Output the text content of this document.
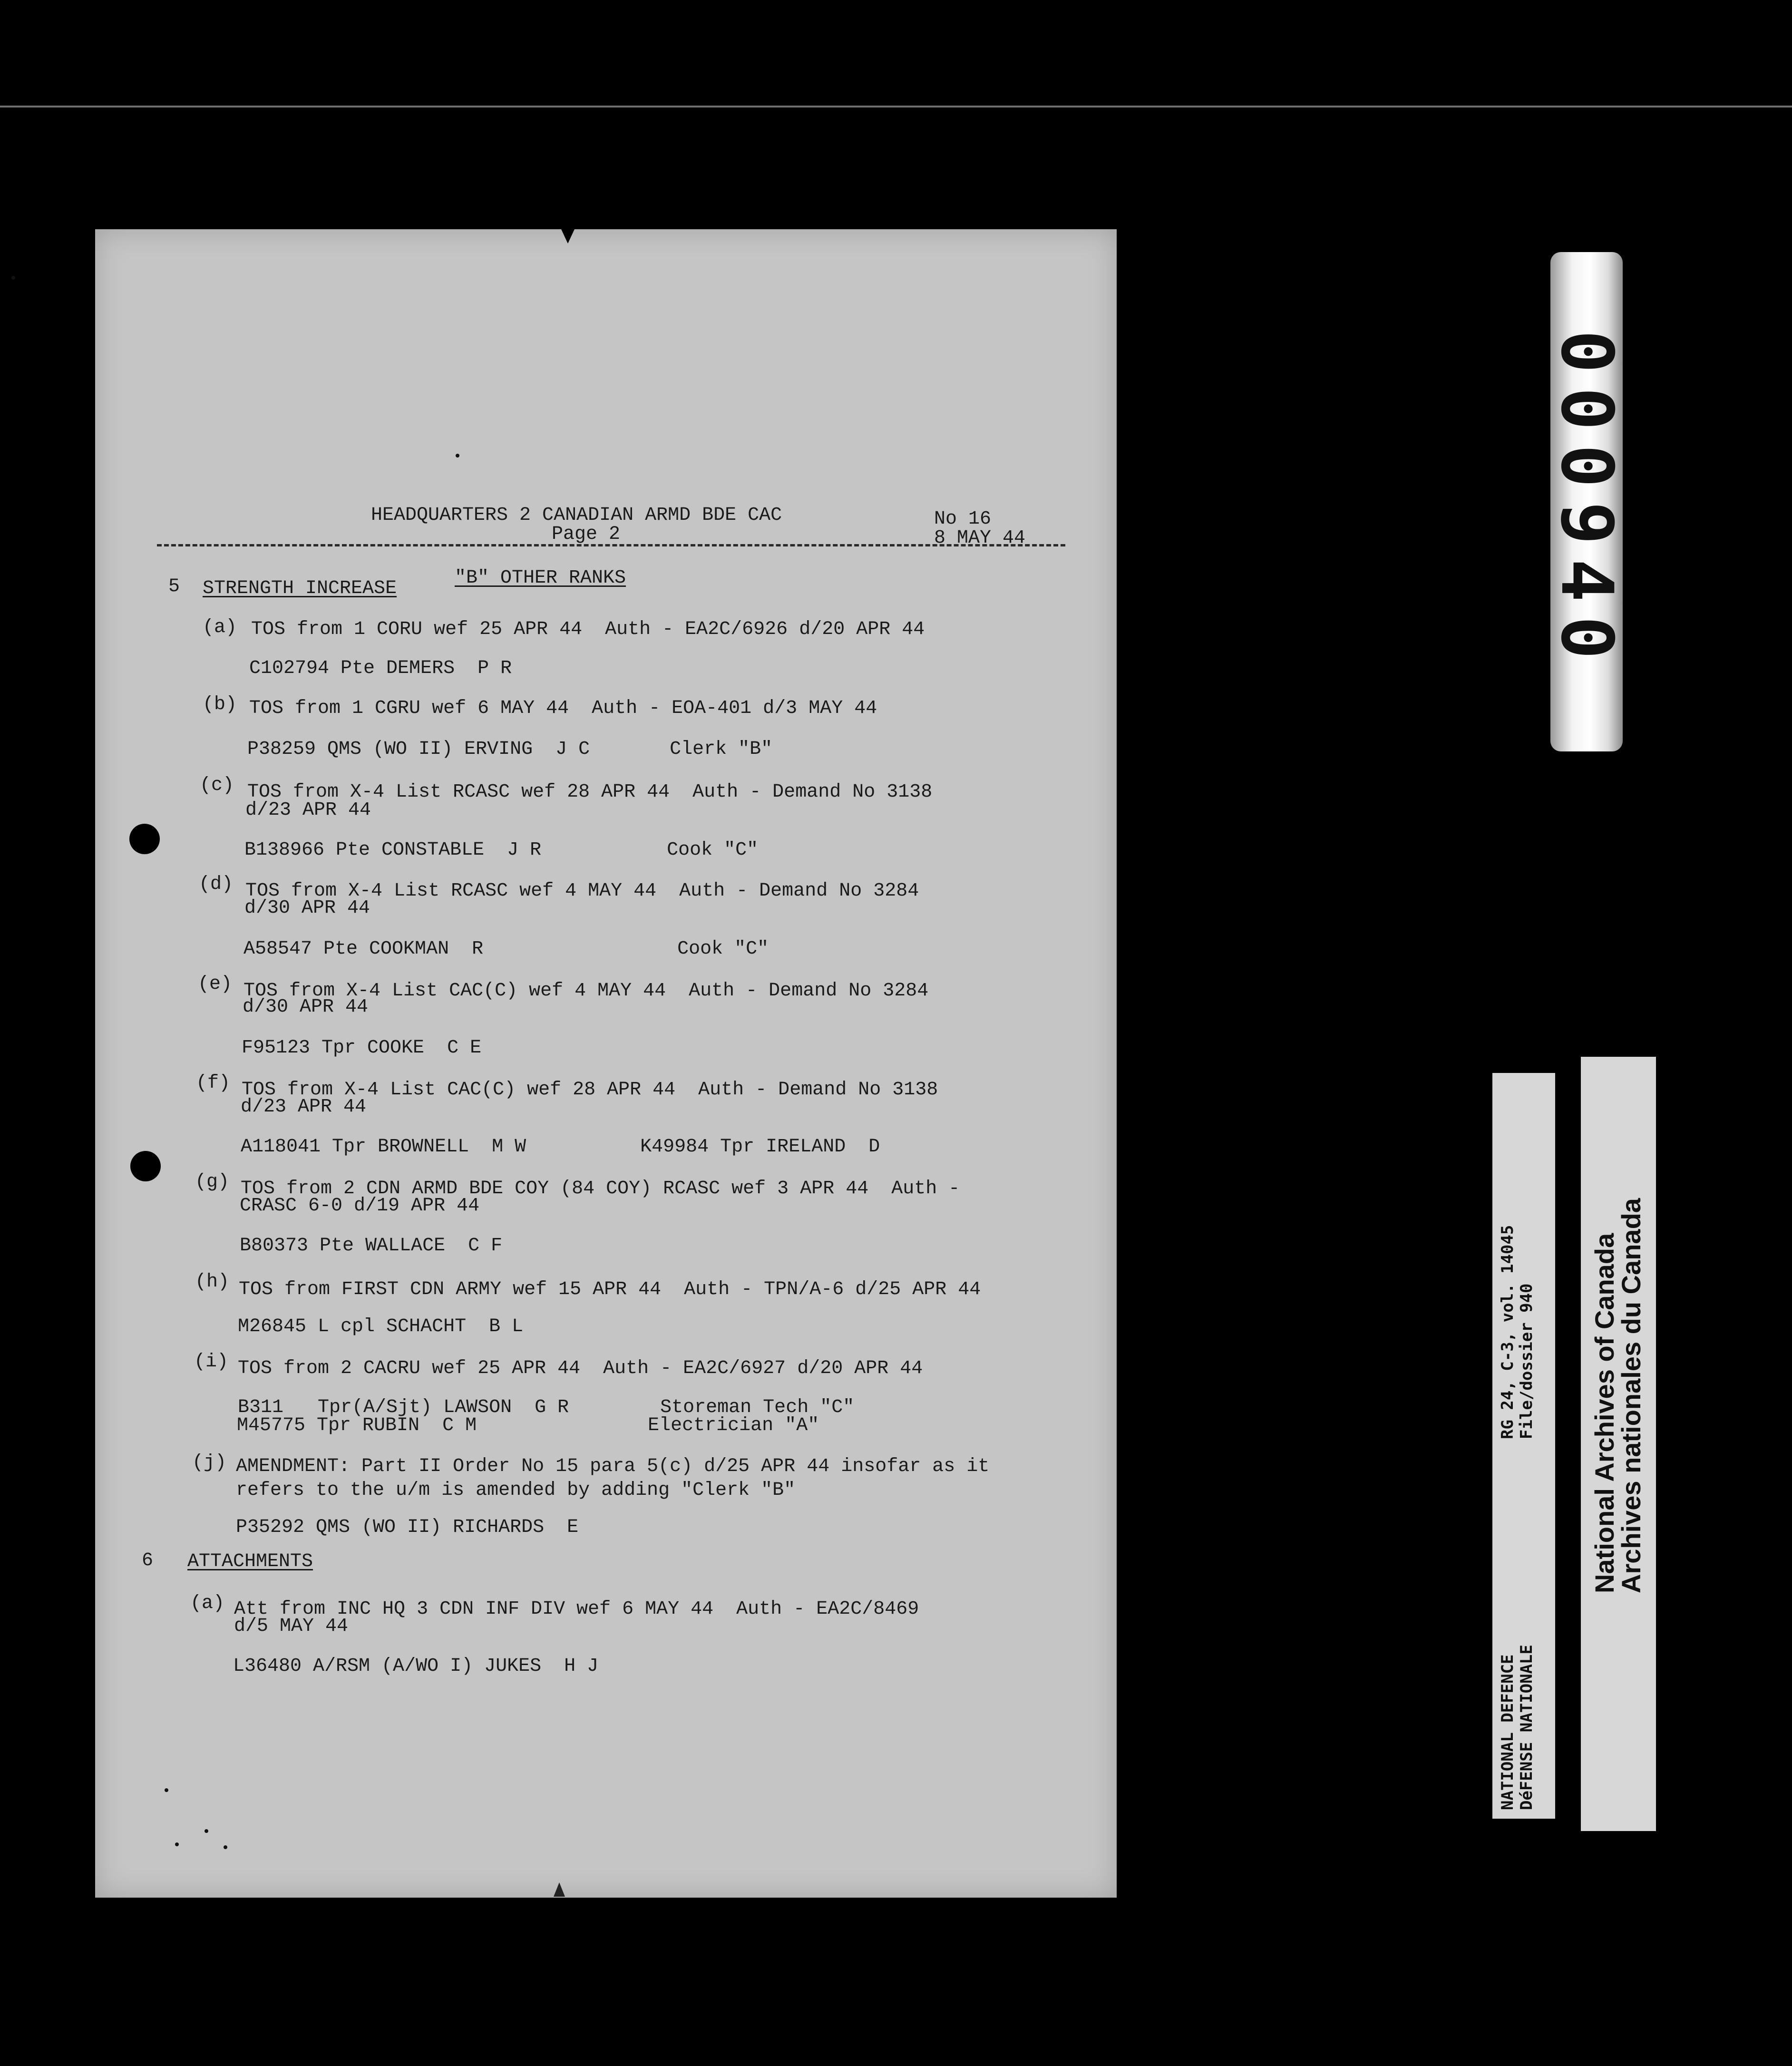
HEADQUARTERS 2 CANADIAN ARMD BDE CAC
Page 2
No 16
8 MAY 44
5 STRENGTH INCREASE	"B" OTHER RANKS
(a) TOS from 1 CORU wef 25 APR 44  Auth - EA2C/6926 d/20 APR 44
C102794 Pte DEMERS  P R
(b) TOS from 1 CGRU wef 6 MAY 44  Auth - EOA-401 d/3 MAY 44
P38259 QMS (WO II) ERVING  J C       Clerk "B"
(c) TOS from X-4 List RCASC wef 28 APR 44  Auth - Demand No 3138
d/23 APR 44
B138966 Pte CONSTABLE  J R           Cook "C"
(d) TOS from X-4 List RCASC wef 4 MAY 44  Auth - Demand No 3284
d/30 APR 44
A58547 Pte COOKMAN  R                 Cook "C"
(e) TOS from X-4 List CAC(C) wef 4 MAY 44  Auth - Demand No 3284
d/30 APR 44
F95123 Tpr COOKE  C E
(f) TOS from X-4 List CAC(C) wef 28 APR 44  Auth - Demand No 3138
d/23 APR 44
A118041 Tpr BROWNELL  M W          K49984 Tpr IRELAND  D
(g) TOS from 2 CDN ARMD BDE COY (84 COY) RCASC wef 3 APR 44  Auth -
CRASC 6-0 d/19 APR 44
B80373 Pte WALLACE  C F
(h) TOS from FIRST CDN ARMY wef 15 APR 44  Auth - TPN/A-6 d/25 APR 44
M26845 L cpl SCHACHT  B L
(i) TOS from 2 CACRU wef 25 APR 44  Auth - EA2C/6927 d/20 APR 44
B311   Tpr(A/Sjt) LAWSON  G R        Storeman Tech "C"
M45775 Tpr RUBIN  C M               Electrician "A"
(j) AMENDMENT: Part II Order No 15 para 5(c) d/25 APR 44 insofar as it
refers to the u/m is amended by adding "Clerk "B"
P35292 QMS (WO II) RICHARDS  E
6 ATTACHMENTS
(a) Att from INC HQ 3 CDN INF DIV wef 6 MAY 44  Auth - EA2C/8469
d/5 MAY 44
L36480 A/RSM (A/WO I) JUKES  H J
000940
RG 24, C-3, vol. 14045 File/dossier 940
NATIONAL DEFENCE DéFENSE NATIONALE
National Archives of Canada
Archives nationales du Canada
